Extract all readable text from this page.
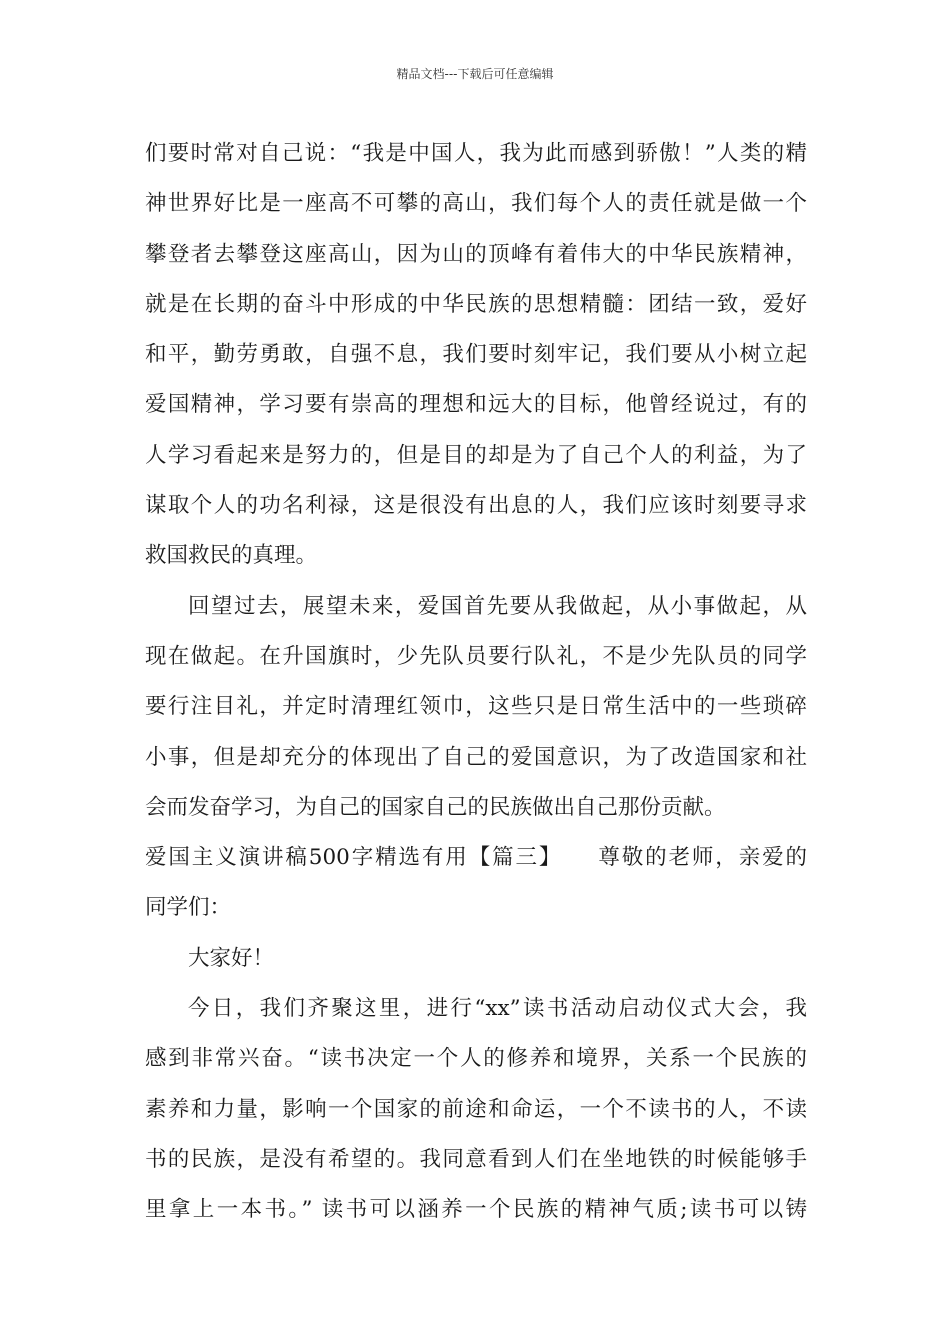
精品文档---下载后可任意编辑
们要时常对自己说：“我是中国人，我为此而感到骄傲！”人类的精
神世界好比是一座高不可攀的高山，我们每个人的责任就是做一个
攀登者去攀登这座高山，因为山的顶峰有着伟大的中华民族精神，
就是在长期的奋斗中形成的中华民族的思想精髓：团结一致，爱好
和平，勤劳勇敢，自强不息，我们要时刻牢记，我们要从小树立起
爱国精神，学习要有崇高的理想和远大的目标，他曾经说过，有的
人学习看起来是努力的，但是目的却是为了自己个人的利益，为了
谋取个人的功名利禄，这是很没有出息的人，我们应该时刻要寻求
救国救民的真理。
回望过去，展望未来，爱国首先要从我做起，从小事做起，从
现在做起。在升国旗时，少先队员要行队礼，不是少先队员的同学
要行注目礼，并定时清理红领巾，这些只是日常生活中的一些琐碎
小事，但是却充分的体现出了自己的爱国意识，为了改造国家和社
会而发奋学习，为自己的国家自己的民族做出自己那份贡献。
爱国主义演讲稿500字精选有用【篇三】　　尊敬的老师，亲爱的
同学们：
大家好！
今日，我们齐聚这里，进行“xx”读书活动启动仪式大会，我
感到非常兴奋。“读书决定一个人的修养和境界，关系一个民族的
素养和力量，影响一个国家的前途和命运，一个不读书的人，不读
书的民族，是没有希望的。我同意看到人们在坐地铁的时候能够手
里拿上一本书。” 读书可以涵养一个民族的精神气质;读书可以铸
